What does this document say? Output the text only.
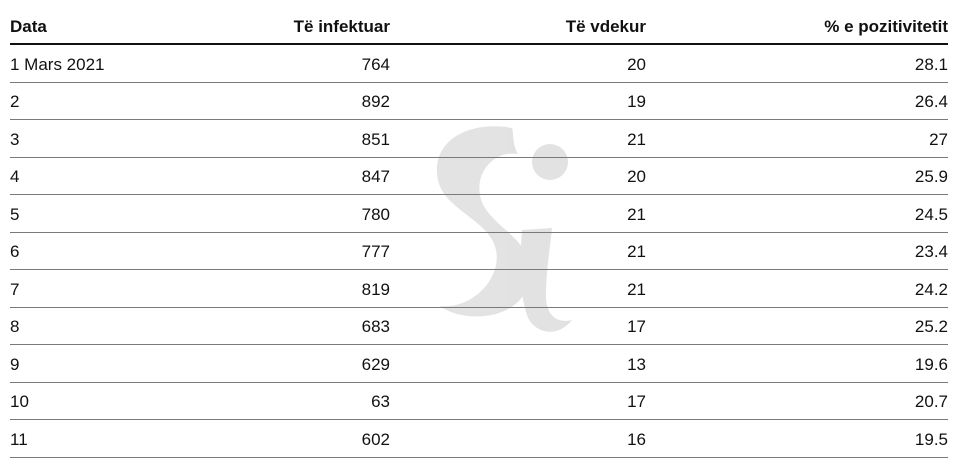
Data	Të infektuar	Të vdekur	% e pozitivitetit
1 Mars 2021	764	20	28.1
2	892	19	26.4
3	851	21	27
4	847	20	25.9
5	780	21	24.5
6	777	21	23.4
7	819	21	24.2
8	683	17	25.2
9	629	13	19.6
10	63	17	20.7
11	602	16	19.5
